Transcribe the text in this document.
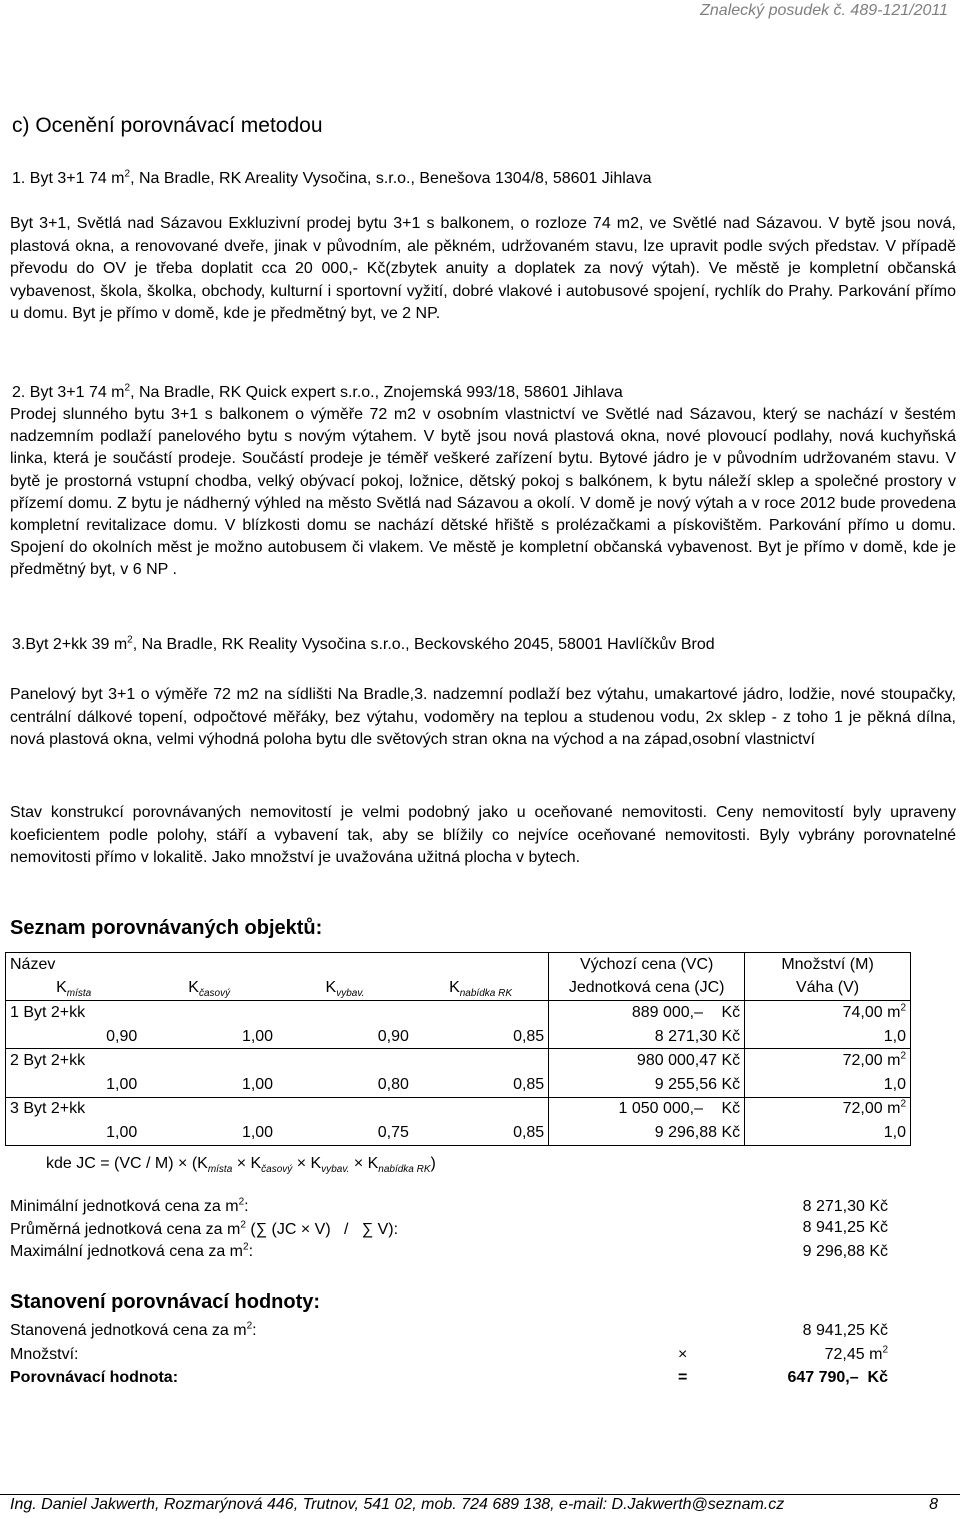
Znalecký posudek č. 489-121/2011
c) Ocenění porovnávací metodou
1. Byt 3+1 74 $m^2$, Na Bradle, RK Areality Vysočina, s.r.o., Benešova 1304/8, 58601 Jihlava
Byt 3+1, Světlá nad Sázavou Exkluzivní prodej bytu 3+1 s balkonem, o rozloze 74 m2, ve Světlé nad Sázavou. V bytě jsou nová, plastová okna, a renovované dveře, jinak v původním, ale pěkném, udržovaném stavu, lze upravit podle svých představ. V případě převodu do OV je třeba doplatit cca 20 000,- Kč(zbytek anuity a doplatek za nový výtah). Ve městě je kompletní občanská vybavenost, škola, školka, obchody, kulturní i sportovní vyžití, dobré vlakové i autobusové spojení, rychlík do Prahy. Parkování přímo u domu. Byt je přímo v domě, kde je předmětný byt, ve 2 NP.
2. Byt 3+1 74 $m^2$, Na Bradle, RK Quick expert s.r.o., Znojemská 993/18, 58601 Jihlava
Prodej slunného bytu 3+1 s balkonem o výměře 72 m2 v osobním vlastnictví ve Světlé nad Sázavou, který se nachází v šestém nadzemním podlaží panelového bytu s novým výtahem. V bytě jsou nová plastová okna, nové plovoucí podlahy, nová kuchyňská linka, která je součástí prodeje. Součástí prodeje je téměř veškeré zařízení bytu. Bytové jádro je v původním udržovaném stavu. V bytě je prostorná vstupní chodba, velký obývací pokoj, ložnice, dětský pokoj s balkónem, k bytu náleží sklep a společné prostory v přízemí domu. Z bytu je nádherný výhled na město Světlá nad Sázavou a okolí. V domě je nový výtah a v roce 2012 bude provedena kompletní revitalizace domu. V blízkosti domu se nachází dětské hřiště s prolézačkami a pískovištěm. Parkování přímo u domu. Spojení do okolních měst je možno autobusem či vlakem. Ve městě je kompletní občanská vybavenost. Byt je přímo v domě, kde je předmětný byt, v 6 NP .
3.Byt 2+kk 39 $m^2$, Na Bradle, RK Reality Vysočina s.r.o., Beckovského 2045, 58001 Havlíčkův Brod
Panelový byt 3+1 o výměře 72 m2 na sídlišti Na Bradle,3. nadzemní podlaží bez výtahu, umakartové jádro, lodžie, nové stoupačky, centrální dálkové topení, odpočtové měřáky, bez výtahu, vodoměry na teplou a studenou vodu, 2x sklep - z toho 1 je pěkná dílna, nová plastová okna, velmi výhodná poloha bytu dle světových stran okna na východ a na západ,osobní vlastnictví
Stav konstrukcí porovnávaných nemovitostí je velmi podobný jako u oceňované nemovitosti. Ceny nemovitostí byly upraveny koeficientem podle polohy, stáří a vybavení tak, aby se blížily co nejvíce oceňované nemovitosti. Byly vybrány porovnatelné nemovitosti přímo v lokalitě. Jako množství je uvažována užitná plocha v bytech.
Seznam porovnávaných objektů:
Název				Výchozí cena (VC)	Množství (M)
$K_{místa}$	$K_{časový}$	$K_{vybav.}$	$K_{nabídka RK}$	Jednotková cena (JC)	Váha (V)
1 Byt 2+kk				889 000,– Kč	74,00 $m^2$
0,90	1,00	0,90	0,85	8 271,30 Kč	1,0
2 Byt 2+kk				980 000,47 Kč	72,00 $m^2$
1,00	1,00	0,80	0,85	9 255,56 Kč	1,0
3 Byt 2+kk				1 050 000,– Kč	72,00 $m^2$
1,00	1,00	0,75	0,85	9 296,88 Kč	1,0
kde JC = $(VC / M) \times (K_{místa} \times K_{časový} \times K_{vybav.} \times K_{nabídka RK})$
Minimální jednotková cena za $m^2$:	8 271,30 Kč
Průměrná jednotková cena za $m^2$ (∑ (JC × V)   /   ∑ V):	8 941,25 Kč
Maximální jednotková cena za $m^2$:	9 296,88 Kč
Stanovení porovnávací hodnoty:
Stanovená jednotková cena za $m^2$:	8 941,25 Kč
Množství:	×	72,45 $m^2$
Porovnávací hodnota:	=	647 790,–  Kč
Ing. Daniel Jakwerth, Rozmarýnová 446, Trutnov, 541 02, mob. 724 689 138, e-mail: D.Jakwerth@seznam.cz	8
